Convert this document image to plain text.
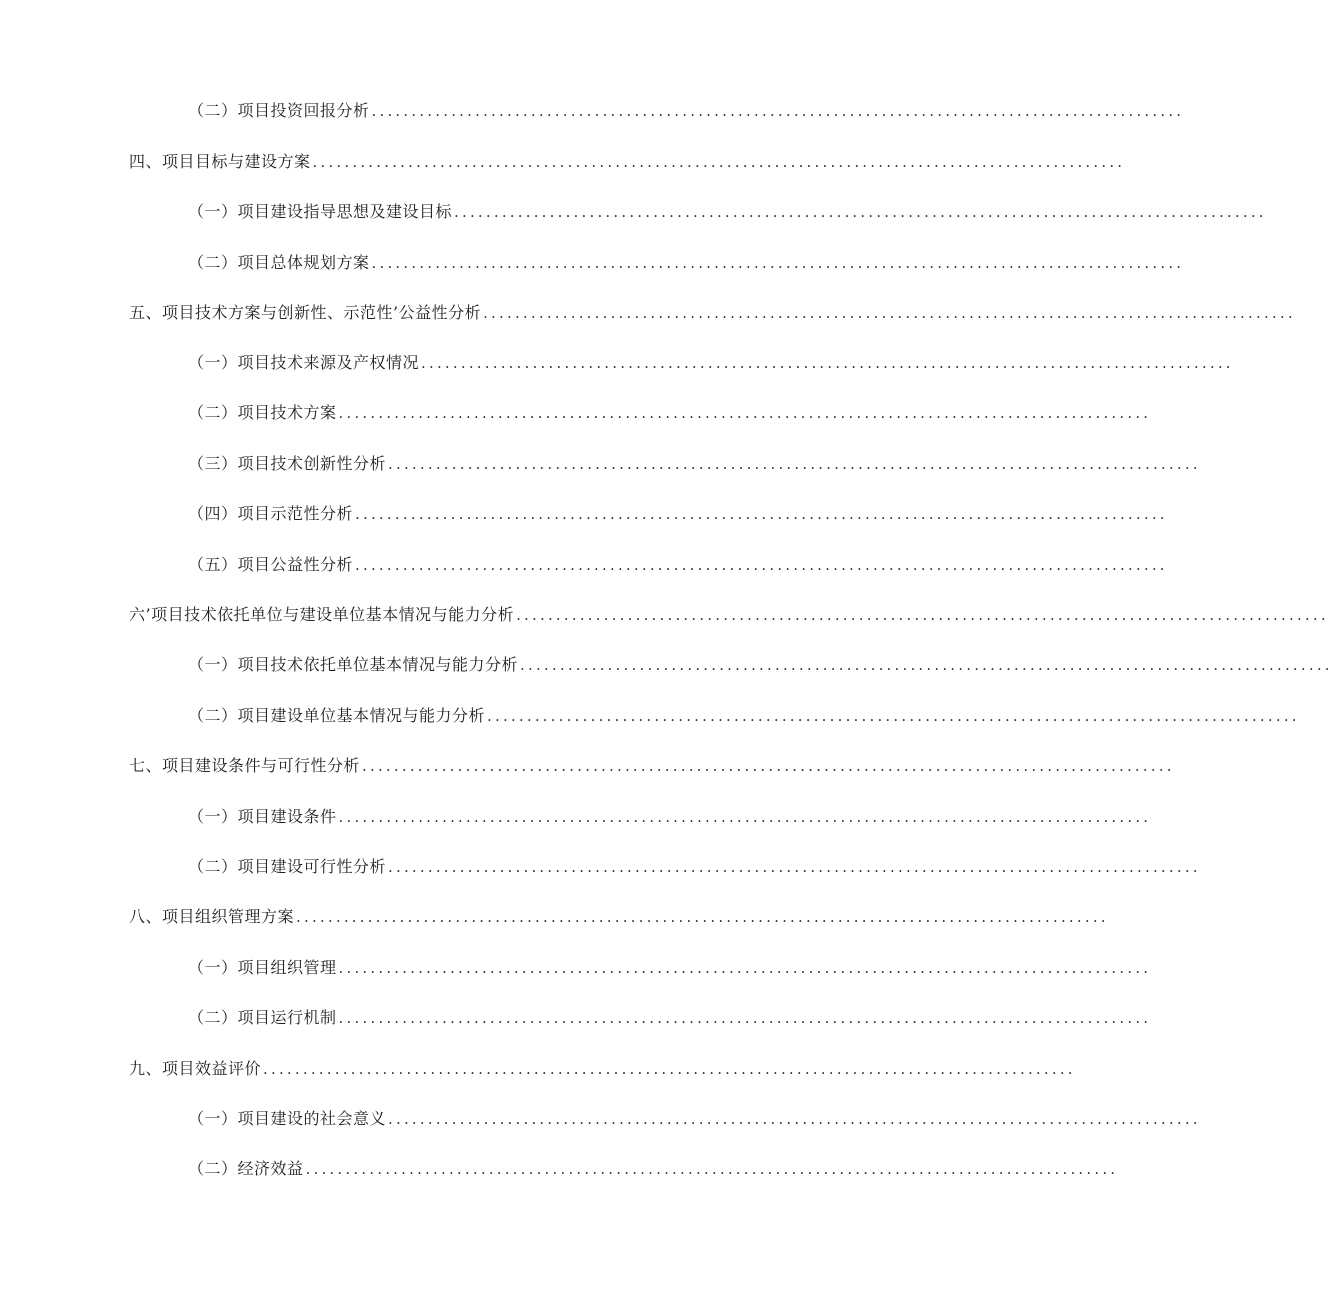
（二）项目投资回报分析 ......................................................................................................
四、项目目标与建设方案 ......................................................................................................
（一）项目建设指导思想及建设目标 ......................................................................................................
（二）项目总体规划方案 ......................................................................................................
五、项目技术方案与创新性、示范性’公益性分析 ......................................................................................................
（一）项目技术来源及产权情况 ......................................................................................................
（二）项目技术方案 ......................................................................................................
（三）项目技术创新性分析 ......................................................................................................
（四）项目示范性分析 ......................................................................................................
（五）项目公益性分析 ......................................................................................................
六’项目技术依托单位与建设单位基本情况与能力分析 ......................................................................................................
（一）项目技术依托单位基本情况与能力分析 ......................................................................................................
（二）项目建设单位基本情况与能力分析 ......................................................................................................
七、项目建设条件与可行性分析 ......................................................................................................
（一）项目建设条件 ......................................................................................................
（二）项目建设可行性分析 ......................................................................................................
八、项目组织管理方案 ......................................................................................................
（一）项目组织管理 ......................................................................................................
（二）项目运行机制 ......................................................................................................
九、项目效益评价 ......................................................................................................
（一）项目建设的社会意义 ......................................................................................................
（二）经济效益 ......................................................................................................
